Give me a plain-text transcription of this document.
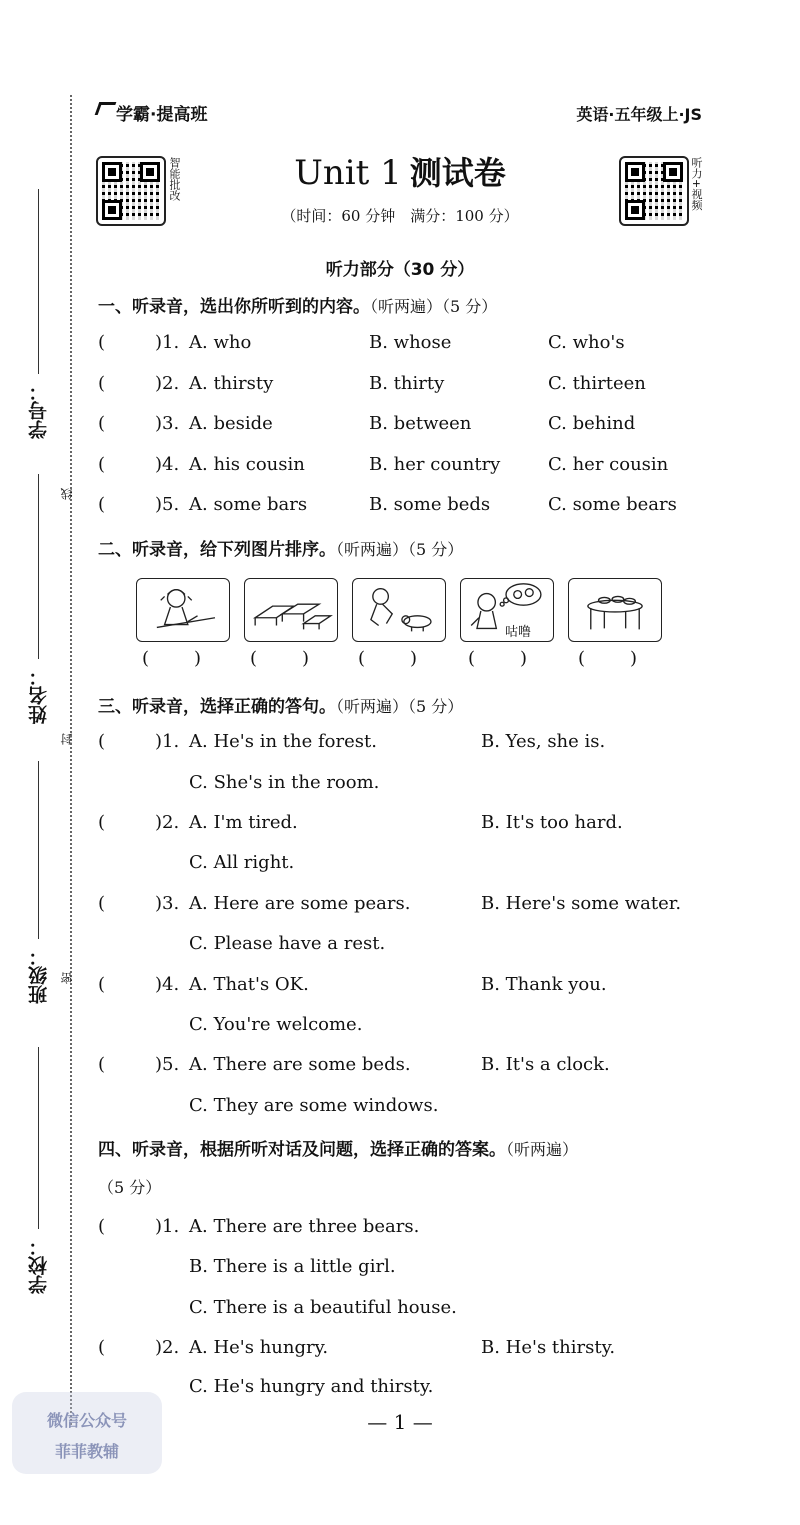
学号：
姓名：
班级：
学校：
线
封
密
学霸·提高班	英语·五年级上·JS
智能批改	听力+视频
Unit 1 测试卷
（时间：60 分钟　满分：100 分）
听力部分（30 分）
一、听录音，选出你所听到的内容。（听两遍）（5 分）
(	)1. A. who	B. whose	C. who's
(	)2. A. thirsty	B. thirty	C. thirteen
(	)3. A. beside	B. between	C. behind
(	)4. A. his cousin	B. her country	C. her cousin
(	)5. A. some bars	B. some beds	C. some bears
二、听录音，给下列图片排序。（听两遍）（5 分）
咕噜
(   )	(   )	(   )	(   )	(   )
三、听录音，选择正确的答句。（听两遍）（5 分）
(	)1. A. He's in the forest.	B. Yes, she is.
C. She's in the room.
(	)2. A. I'm tired.	B. It's too hard.
C. All right.
(	)3. A. Here are some pears.	B. Here's some water.
C. Please have a rest.
(	)4. A. That's OK.	B. Thank you.
C. You're welcome.
(	)5. A. There are some beds.	B. It's a clock.
C. They are some windows.
四、听录音，根据所听对话及问题，选择正确的答案。（听两遍）
（5 分）
(	)1. A. There are three bears.
B. There is a little girl.
C. There is a beautiful house.
(	)2. A. He's hungry.	B. He's thirsty.
C. He's hungry and thirsty.
— 1 —
微信公众号
菲菲教辅
